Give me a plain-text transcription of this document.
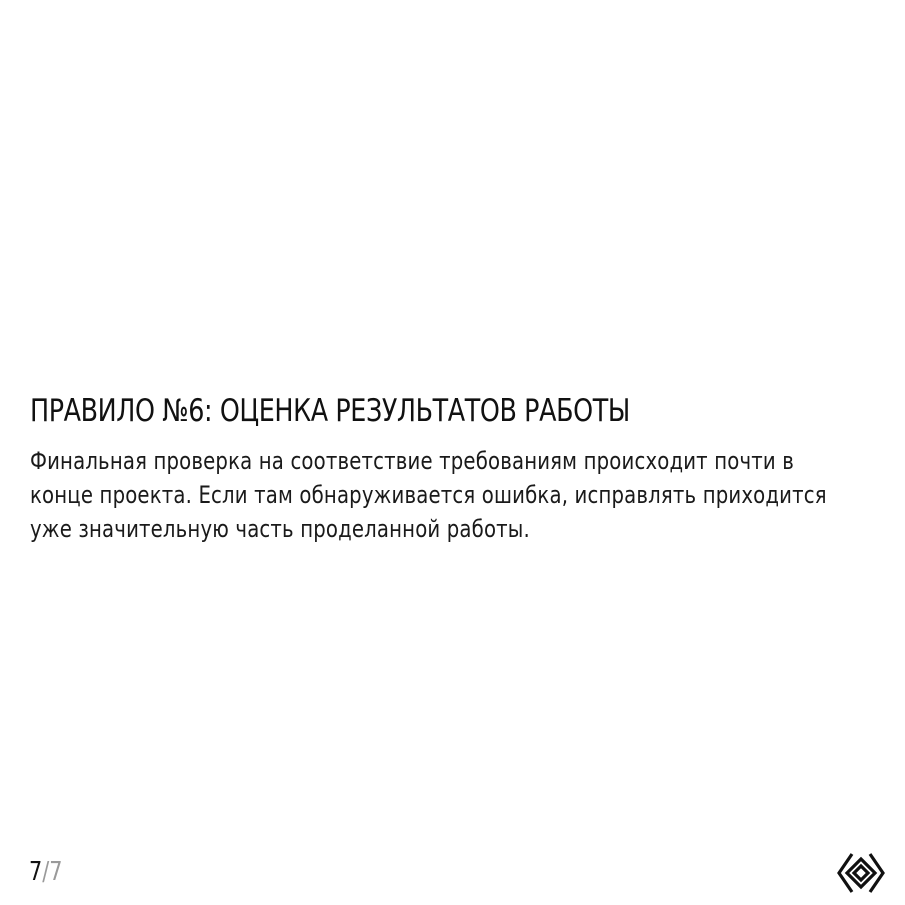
ПРАВИЛО №6: ОЦЕНКА РЕЗУЛЬТАТОВ РАБОТЫ

Финальная проверка на соответствие требованиям происходит почти в конце проекта. Если там обнаруживается ошибка, исправлять приходится уже значительную часть проделанной работы.

7/7
